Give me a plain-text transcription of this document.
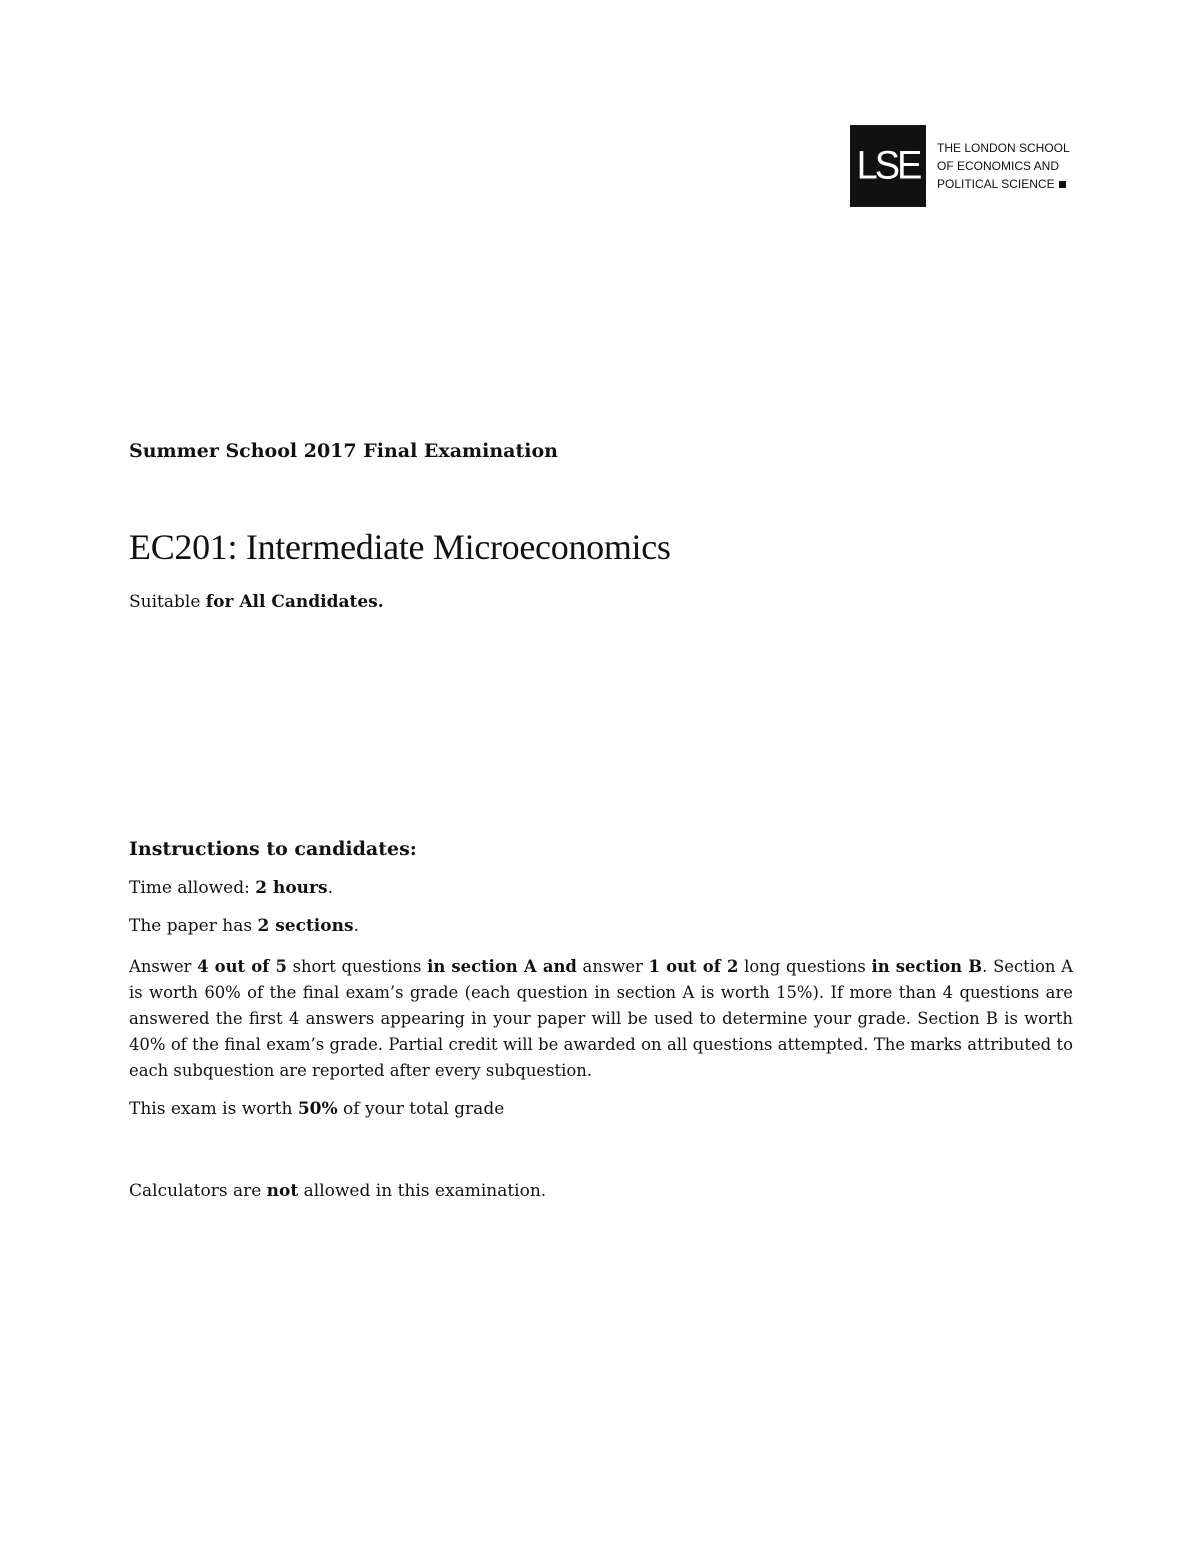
LSE	THE LONDON SCHOOL
OF ECONOMICS AND
POLITICAL SCIENCE
Summer School 2017 Final Examination
EC201: Intermediate Microeconomics
Suitable for All Candidates.
Instructions to candidates:
Time allowed: 2 hours.
The paper has 2 sections.
Answer 4 out of 5 short questions in section A and answer 1 out of 2 long questions in section B. Section A is worth 60% of the final exam’s grade (each question in section A is worth 15%). If more than 4 questions are answered the first 4 answers appearing in your paper will be used to determine your grade. Section B is worth 40% of the final exam’s grade. Partial credit will be awarded on all questions attempted. The marks attributed to each subquestion are reported after every subquestion.
This exam is worth 50% of your total grade
Calculators are not allowed in this examination.
